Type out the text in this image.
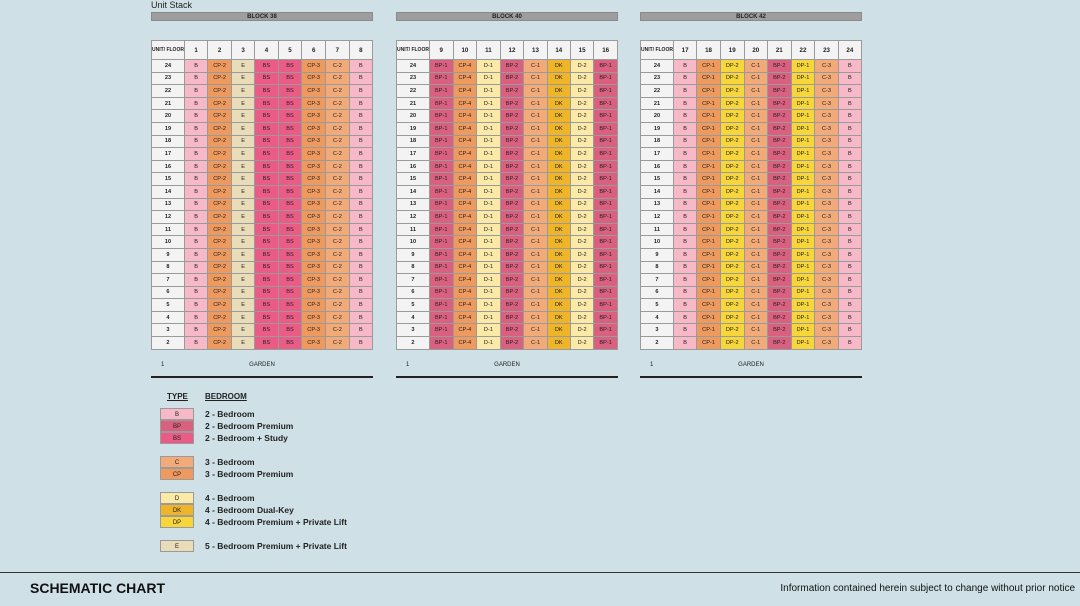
Unit Stack
BLOCK 38
UNIT/ FLOOR	1	2	3	4	5	6	7	8
24	B	CP-2	E	BS	BS	CP-3	C-2	B
23	B	CP-2	E	BS	BS	CP-3	C-2	B
22	B	CP-2	E	BS	BS	CP-3	C-2	B
21	B	CP-2	E	BS	BS	CP-3	C-2	B
20	B	CP-2	E	BS	BS	CP-3	C-2	B
19	B	CP-2	E	BS	BS	CP-3	C-2	B
18	B	CP-2	E	BS	BS	CP-3	C-2	B
17	B	CP-2	E	BS	BS	CP-3	C-2	B
16	B	CP-2	E	BS	BS	CP-3	C-2	B
15	B	CP-2	E	BS	BS	CP-3	C-2	B
14	B	CP-2	E	BS	BS	CP-3	C-2	B
13	B	CP-2	E	BS	BS	CP-3	C-2	B
12	B	CP-2	E	BS	BS	CP-3	C-2	B
11	B	CP-2	E	BS	BS	CP-3	C-2	B
10	B	CP-2	E	BS	BS	CP-3	C-2	B
9	B	CP-2	E	BS	BS	CP-3	C-2	B
8	B	CP-2	E	BS	BS	CP-3	C-2	B
7	B	CP-2	E	BS	BS	CP-3	C-2	B
6	B	CP-2	E	BS	BS	CP-3	C-2	B
5	B	CP-2	E	BS	BS	CP-3	C-2	B
4	B	CP-2	E	BS	BS	CP-3	C-2	B
3	B	CP-2	E	BS	BS	CP-3	C-2	B
2	B	CP-2	E	BS	BS	CP-3	C-2	B
1	GARDEN
BLOCK 40
UNIT/ FLOOR	9	10	11	12	13	14	15	16
24	BP-1	CP-4	D-1	BP-2	C-1	DK	D-2	BP-1
23	BP-1	CP-4	D-1	BP-2	C-1	DK	D-2	BP-1
22	BP-1	CP-4	D-1	BP-2	C-1	DK	D-2	BP-1
21	BP-1	CP-4	D-1	BP-2	C-1	DK	D-2	BP-1
20	BP-1	CP-4	D-1	BP-2	C-1	DK	D-2	BP-1
19	BP-1	CP-4	D-1	BP-2	C-1	DK	D-2	BP-1
18	BP-1	CP-4	D-1	BP-2	C-1	DK	D-2	BP-1
17	BP-1	CP-4	D-1	BP-2	C-1	DK	D-2	BP-1
16	BP-1	CP-4	D-1	BP-2	C-1	DK	D-2	BP-1
15	BP-1	CP-4	D-1	BP-2	C-1	DK	D-2	BP-1
14	BP-1	CP-4	D-1	BP-2	C-1	DK	D-2	BP-1
13	BP-1	CP-4	D-1	BP-2	C-1	DK	D-2	BP-1
12	BP-1	CP-4	D-1	BP-2	C-1	DK	D-2	BP-1
11	BP-1	CP-4	D-1	BP-2	C-1	DK	D-2	BP-1
10	BP-1	CP-4	D-1	BP-2	C-1	DK	D-2	BP-1
9	BP-1	CP-4	D-1	BP-2	C-1	DK	D-2	BP-1
8	BP-1	CP-4	D-1	BP-2	C-1	DK	D-2	BP-1
7	BP-1	CP-4	D-1	BP-2	C-1	DK	D-2	BP-1
6	BP-1	CP-4	D-1	BP-2	C-1	DK	D-2	BP-1
5	BP-1	CP-4	D-1	BP-2	C-1	DK	D-2	BP-1
4	BP-1	CP-4	D-1	BP-2	C-1	DK	D-2	BP-1
3	BP-1	CP-4	D-1	BP-2	C-1	DK	D-2	BP-1
2	BP-1	CP-4	D-1	BP-2	C-1	DK	D-2	BP-1
1	GARDEN
BLOCK 42
UNIT/ FLOOR	17	18	19	20	21	22	23	24
24	B	CP-1	DP-2	C-1	BP-2	DP-1	C-3	B
23	B	CP-1	DP-2	C-1	BP-2	DP-1	C-3	B
22	B	CP-1	DP-2	C-1	BP-2	DP-1	C-3	B
21	B	CP-1	DP-2	C-1	BP-2	DP-1	C-3	B
20	B	CP-1	DP-2	C-1	BP-2	DP-1	C-3	B
19	B	CP-1	DP-2	C-1	BP-2	DP-1	C-3	B
18	B	CP-1	DP-2	C-1	BP-2	DP-1	C-3	B
17	B	CP-1	DP-2	C-1	BP-2	DP-1	C-3	B
16	B	CP-1	DP-2	C-1	BP-2	DP-1	C-3	B
15	B	CP-1	DP-2	C-1	BP-2	DP-1	C-3	B
14	B	CP-1	DP-2	C-1	BP-2	DP-1	C-3	B
13	B	CP-1	DP-2	C-1	BP-2	DP-1	C-3	B
12	B	CP-1	DP-2	C-1	BP-2	DP-1	C-3	B
11	B	CP-1	DP-2	C-1	BP-2	DP-1	C-3	B
10	B	CP-1	DP-2	C-1	BP-2	DP-1	C-3	B
9	B	CP-1	DP-2	C-1	BP-2	DP-1	C-3	B
8	B	CP-1	DP-2	C-1	BP-2	DP-1	C-3	B
7	B	CP-1	DP-2	C-1	BP-2	DP-1	C-3	B
6	B	CP-1	DP-2	C-1	BP-2	DP-1	C-3	B
5	B	CP-1	DP-2	C-1	BP-2	DP-1	C-3	B
4	B	CP-1	DP-2	C-1	BP-2	DP-1	C-3	B
3	B	CP-1	DP-2	C-1	BP-2	DP-1	C-3	B
2	B	CP-1	DP-2	C-1	BP-2	DP-1	C-3	B
1	GARDEN
TYPE BEDROOM
B	2 - Bedroom
BP	2 - Bedroom Premium
BS	2 - Bedroom + Study
C	3 - Bedroom
CP	3 - Bedroom Premium
D	4 - Bedroom
DK	4 - Bedroom Dual-Key
DP	4 - Bedroom Premium + Private Lift
E	5 - Bedroom Premium + Private Lift
SCHEMATIC CHART	Information contained herein subject to change without prior notice
